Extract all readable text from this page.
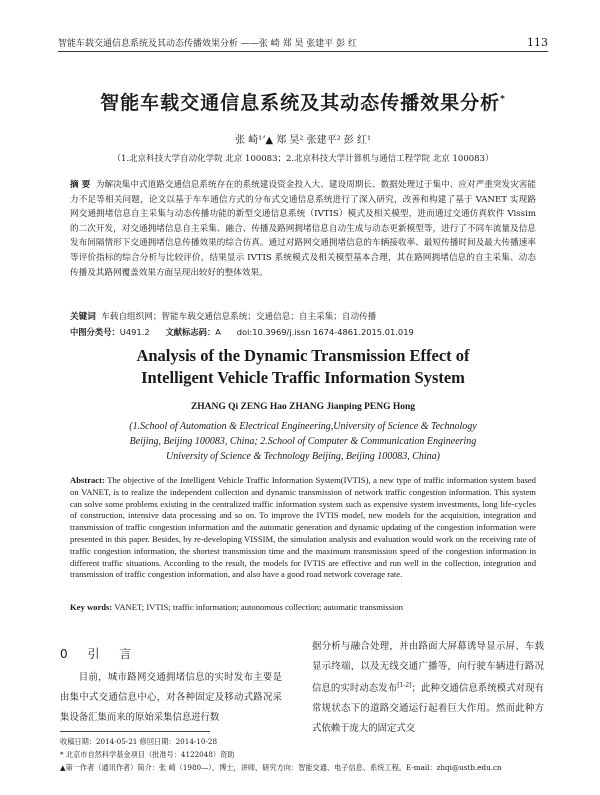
智能车载交通信息系统及其动态传播效果分析 ——张 崎 郑 昊 张建平 彭 红	113
智能车载交通信息系统及其动态传播效果分析*
张 崎¹ʼ▲ 郑 昊² 张建平² 彭 红¹
（1.北京科技大学自动化学院 北京 100083；2.北京科技大学计算机与通信工程学院 北京 100083）
摘 要 为解决集中式道路交通信息系统存在的系统建设资金投入大、建设周期长、数据处理过于集中、应对严重突发灾害能力不足等相关问题，论文以基于车车通信方式的分布式交通信息系统进行了深入研究，改善和构建了基于 VANET 实现路网交通拥堵信息自主采集与动态传播功能的新型交通信息系统（IVTIS）模式及相关模型，进而通过交通仿真软件 Vissim 的二次开发，对交通拥堵信息自主采集、融合、传播及路网拥堵信息自动生成与动态更新模型等，进行了不同车流量及信息发布间隔情形下交通拥堵信息传播效果的综合仿真。通过对路网交通拥堵信息的车辆接收率、最短传播时间及最大传播速率等评价指标的综合分析与比较评价，结果显示 IVTIS 系统模式及相关模型基本合理，其在路网拥堵信息的自主采集、动态传播及其路网覆盖效果方面呈现出较好的整体效果。
关键词 车载自组织网；智能车载交通信息系统；交通信息；自主采集；自动传播
中图分类号：U491.2 文献标志码：A doi:10.3969/j.issn 1674-4861.2015.01.019
Analysis of the Dynamic Transmission Effect of
Intelligent Vehicle Traffic Information System
ZHANG Qi ZENG Hao ZHANG Jianping PENG Hong
(1.School of Automation & Electrical Engineering,University of Science & Technology
Beijing, Beijing 100083, China; 2.School of Computer & Communication Engineering
University of Science & Technology Beijing, Beijing 100083, China)
Abstract: The objective of the Intelligent Vehicle Traffic Information System(IVTIS), a new type of traffic information system based on VANET, is to realize the independent collection and dynamic transmission of network traffic congestion information. This system can solve some problems existing in the centralized traffic information system such as expensive system investments, long life-cycles of construction, intensive data processing and so on. To improve the IVTIS model, new models for the acquisition, integration and transmission of traffic congestion information and the automatic generation and dynamic updating of the congestion information were presented in this paper. Besides, by re-developing VISSIM, the simulation analysis and evaluation would work on the receiving rate of traffic congestion information, the shortest transmission time and the maximum transmission speed of the congestion information in different traffic situations. According to the result, the models for IVTIS are effective and run well in the collection, integration and transmission of traffic congestion information, and also have a good road network coverage rate.
Key words: VANET; IVTIS; traffic information; autonomous collection; automatic transmission
0 引 言
目前，城市路网交通拥堵信息的实时发布主要是由集中式交通信息中心，对各种固定及移动式路况采集设备汇集而来的原始采集信息进行数
据分析与融合处理，并由路面大屏幕诱导显示屏、车载显示终端，以及无线交通广播等，向行驶车辆进行路况信息的实时动态发布[1-2]；此种交通信息系统模式对现有常规状态下的道路交通运行起着巨大作用。然而此种方式依赖于庞大的固定式交
收稿日期：2014-05-21 修回日期：2014-10-28
* 北京市自然科学基金项目（批准号：4122048）资助
▲第一作者（通讯作者）简介：张 崎（1980—），博士，讲师，研究方向：智能交通、电子信息、系统工程。E-mail：zhqi@ustb.edu.cn
